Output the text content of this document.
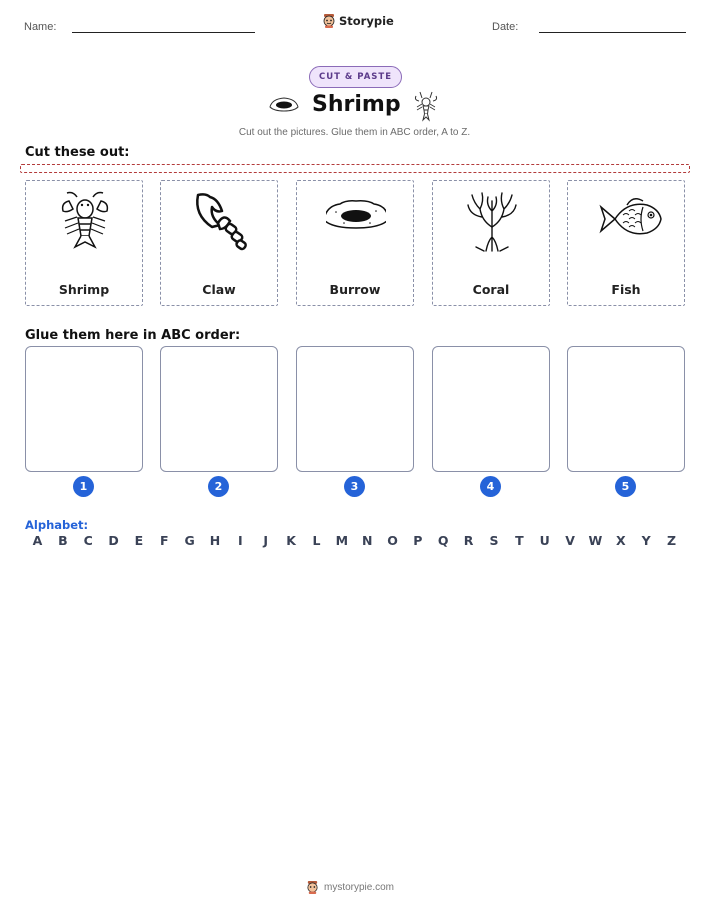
Name:	Storypie	Date:
CUT & PASTE
Shrimp
Cut out the pictures. Glue them in ABC order, A to Z.
Cut these out:
Shrimp	Claw	Burrow	Coral	Fish
Glue them here in ABC order:
1	2	3	4	5
Alphabet:
A	B	C	D	E	F	G	H	I	J	K	L	M	N	O	P	Q	R	S	T	U	V	W	X	Y	Z
mystorypie.com
